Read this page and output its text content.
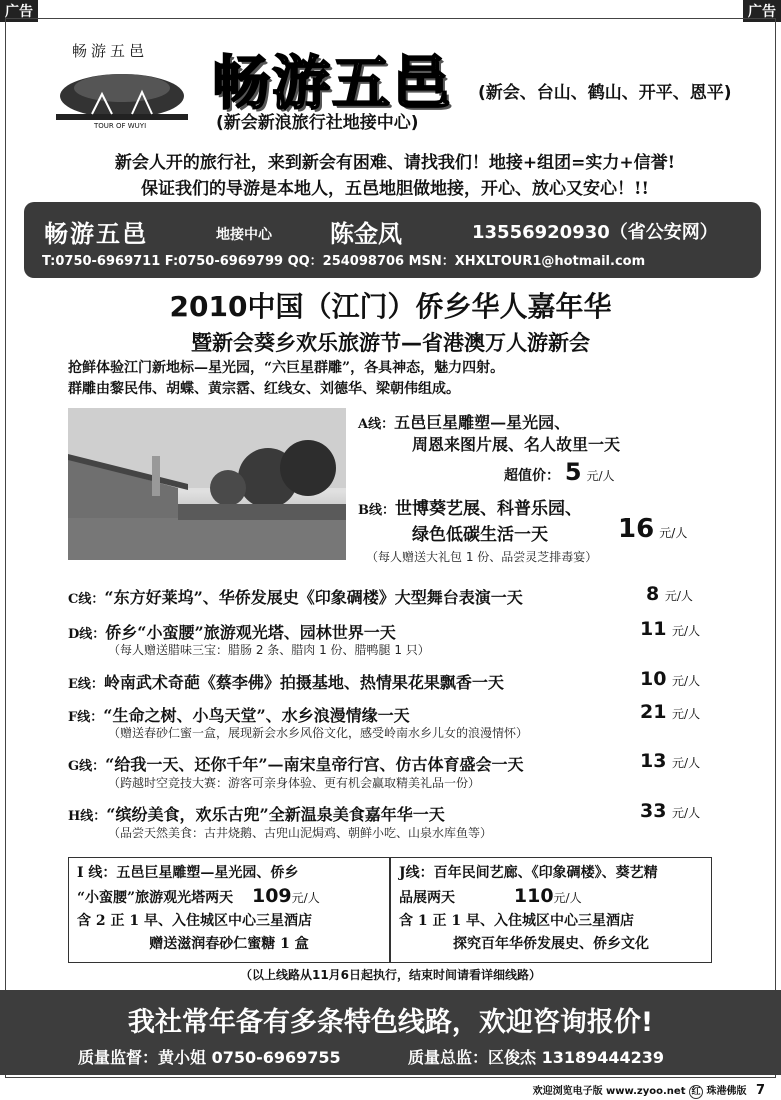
广告	广告
畅游五邑
TOUR OF WUYI
畅游五邑 (新会、台山、鹤山、开平、恩平)
(新会新浪旅行社地接中心)
新会人开的旅行社，来到新会有困难、请找我们！地接+组团=实力+信誉!
保证我们的导游是本地人，五邑地胆做地接，开心、放心又安心！!!
畅游五邑	地接中心 陈金凤	13556920930（省公安网）
T:0750-6969711 F:0750-6969799 QQ：254098706 MSN：XHXLTOUR1@hotmail.com
2010中国（江门）侨乡华人嘉年华
暨新会葵乡欢乐旅游节—省港澳万人游新会
抢鲜体验江门新地标—星光园，“六巨星群雕”，各具神态，魅力四射。
群雕由黎民伟、胡蝶、黄宗霑、红线女、刘德华、梁朝伟组成。
A线：五邑巨星雕塑—星光园、
周恩来图片展、名人故里一天
超值价： 5 元/人
B线：世博葵艺展、科普乐园、
绿色低碳生活一天	16 元/人
（每人赠送大礼包 1 份、品尝灵芝排毒宴）
C线：“东方好莱坞”、华侨发展史《印象碉楼》大型舞台表演一天	8 元/人
D线：侨乡“小蛮腰”旅游观光塔、园林世界一天	11 元/人
（每人赠送腊味三宝：腊肠 2 条、腊肉 1 份、腊鸭腿 1 只）
E线：岭南武术奇葩《蔡李佛》拍摄基地、热情果花果飘香一天	10 元/人
F线：“生命之树、小鸟天堂”、水乡浪漫情缘一天	21 元/人
（赠送春砂仁蜜一盒，展现新会水乡风俗文化，感受岭南水乡儿女的浪漫情怀）
G线：“给我一天、还你千年”—南宋皇帝行宫、仿古体育盛会一天	13 元/人
（跨越时空竞技大赛：游客可亲身体验、更有机会赢取精美礼品一份）
H线：“缤纷美食，欢乐古兜”全新温泉美食嘉年华一天	33 元/人
（品尝天然美食：古井烧鹅、古兜山泥焗鸡、朝鲜小吃、山泉水库鱼等）
I 线：五邑巨星雕塑—星光园、侨乡
“小蛮腰”旅游观光塔两天 109元/人
含 2 正 1 早、入住城区中心三星酒店
赠送滋润春砂仁蜜糖 1 盒
J线：百年民间艺廊、《印象碉楼》、葵艺精
品展两天	110元/人
含 1 正 1 早、入住城区中心三星酒店
探究百年华侨发展史、侨乡文化
（以上线路从11月6日起执行，结束时间请看详细线路）
我社常年备有多条特色线路，欢迎咨询报价!
质量监督：黄小姐 0750-6969755	质量总监：区俊杰 13189444239
欢迎浏览电子版 www.zyoo.net 红 珠港佛版 7
